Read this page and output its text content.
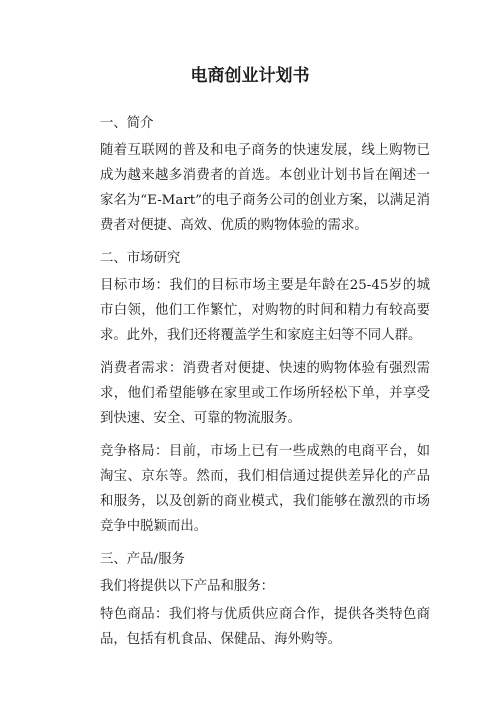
电商创业计划书

一、简介

随着互联网的普及和电子商务的快速发展，线上购物已成为越来越多消费者的首选。本创业计划书旨在阐述一家名为“E-Mart”的电子商务公司的创业方案，以满足消费者对便捷、高效、优质的购物体验的需求。

二、市场研究

目标市场：我们的目标市场主要是年龄在25-45岁的城市白领，他们工作繁忙，对购物的时间和精力有较高要求。此外，我们还将覆盖学生和家庭主妇等不同人群。

消费者需求：消费者对便捷、快速的购物体验有强烈需求，他们希望能够在家里或工作场所轻松下单，并享受到快速、安全、可靠的物流服务。

竞争格局：目前，市场上已有一些成熟的电商平台，如淘宝、京东等。然而，我们相信通过提供差异化的产品和服务，以及创新的商业模式，我们能够在激烈的市场竞争中脱颖而出。

三、产品/服务

我们将提供以下产品和服务：

特色商品：我们将与优质供应商合作，提供各类特色商品，包括有机食品、保健品、海外购等。
